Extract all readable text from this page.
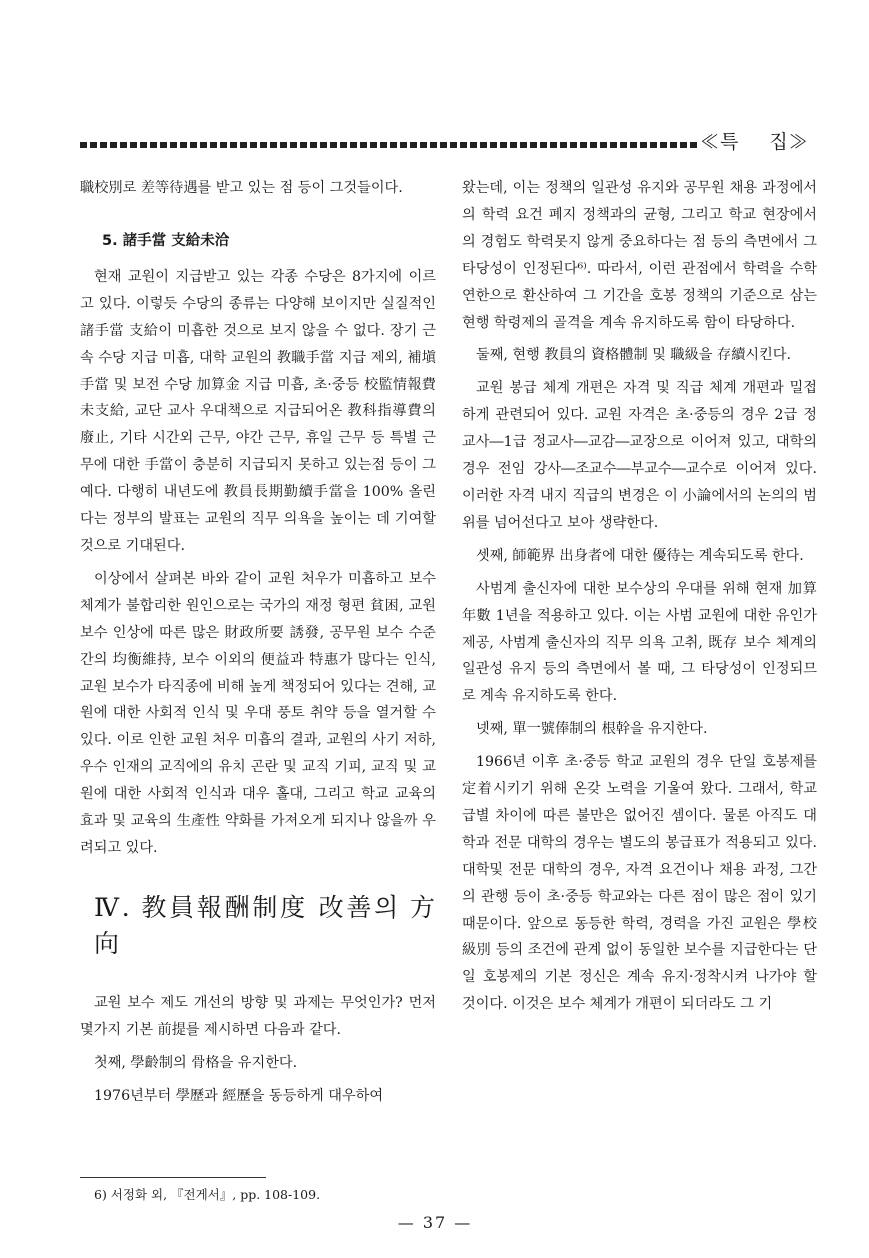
≪특 집≫

職校別로 差等待遇를 받고 있는 점 등이 그것들이다.

5. 諸手當 支給未洽

현재 교원이 지급받고 있는 각종 수당은 8가지에 이르고 있다. 이렇듯 수당의 종류는 다양해 보이지만 실질적인 諸手當 支給이 미흡한 것으로 보지 않을 수 없다. 장기 근속 수당 지급 미흡, 대학 교원의 教職手當 지급 제외, 補塡手當 및 보전 수당 加算金 지급 미흡, 초·중등 校監情報費 未支給, 교단 교사 우대책으로 지급되어온 教科指導費의 廢止, 기타 시간외 근무, 야간 근무, 휴일 근무 등 특별 근무에 대한 手當이 충분히 지급되지 못하고 있는점 등이 그 예다. 다행히 내년도에 教員長期勤續手當을 100% 올린다는 정부의 발표는 교원의 직무 의욕을 높이는 데 기여할 것으로 기대된다.

이상에서 살펴본 바와 같이 교원 처우가 미흡하고 보수 체계가 불합리한 원인으로는 국가의 재정 형편 貧困, 교원 보수 인상에 따른 많은 財政所要 誘發, 공무원 보수 수준간의 均衡維持, 보수 이외의 便益과 特惠가 많다는 인식, 교원 보수가 타직종에 비해 높게 책정되어 있다는 견해, 교원에 대한 사회적 인식 및 우대 풍토 취약 등을 열거할 수 있다. 이로 인한 교원 처우 미흡의 결과, 교원의 사기 저하, 우수 인재의 교직에의 유치 곤란 및 교직 기피, 교직 및 교원에 대한 사회적 인식과 대우 홀대, 그리고 학교 교육의 효과 및 교육의 生產性 약화를 가져오게 되지나 않을까 우려되고 있다.

Ⅳ. 教員報酬制度 改善의 方向

교원 보수 제도 개선의 방향 및 과제는 무엇인가? 먼저 몇가지 기본 前提를 제시하면 다음과 같다.

첫째, 學齡制의 骨格을 유지한다.

1976년부터 學歷과 經歷을 동등하게 대우하여

왔는데, 이는 정책의 일관성 유지와 공무원 채용 과정에서의 학력 요건 폐지 정책과의 균형, 그리고 학교 현장에서의 경험도 학력못지 않게 중요하다는 점 등의 측면에서 그 타당성이 인정된다⁶⁾. 따라서, 이런 관점에서 학력을 수학 연한으로 환산하여 그 기간을 호봉 정책의 기준으로 삼는 현행 학령제의 골격을 계속 유지하도록 함이 타당하다.

둘째, 현행 教員의 資格體制 및 職級을 存續시킨다.

교원 봉급 체계 개편은 자격 및 직급 체계 개편과 밀접하게 관련되어 있다. 교원 자격은 초·중등의 경우 2급 정교사―1급 정교사―교감―교장으로 이어져 있고, 대학의 경우 전임 강사―조교수―부교수―교수로 이어져 있다. 이러한 자격 내지 직급의 변경은 이 小論에서의 논의의 범위를 넘어선다고 보아 생략한다.

셋째, 師範界 出身者에 대한 優待는 계속되도록 한다.

사범계 출신자에 대한 보수상의 우대를 위해 현재 加算年數 1년을 적용하고 있다. 이는 사범 교원에 대한 유인가 제공, 사범계 출신자의 직무 의욕 고취, 既存 보수 체계의 일관성 유지 등의 측면에서 볼 때, 그 타당성이 인정되므로 계속 유지하도록 한다.

넷째, 單一號俸制의 根幹을 유지한다.

1966년 이후 초·중등 학교 교원의 경우 단일 호봉제를 定着시키기 위해 온갖 노력을 기울여 왔다. 그래서, 학교급별 차이에 따른 불만은 없어진 셈이다. 물론 아직도 대학과 전문 대학의 경우는 별도의 봉급표가 적용되고 있다. 대학및 전문 대학의 경우, 자격 요건이나 채용 과정, 그간의 관행 등이 초·중등 학교와는 다른 점이 많은 점이 있기 때문이다. 앞으로 동등한 학력, 경력을 가진 교원은 學校級別 등의 조건에 관계 없이 동일한 보수를 지급한다는 단일 호봉제의 기본 정신은 계속 유지·정착시켜 나가야 할 것이다. 이것은 보수 체계가 개편이 되더라도 그 기

6) 서정화 외, 『전게서』, pp. 108-109.
— 37 —
